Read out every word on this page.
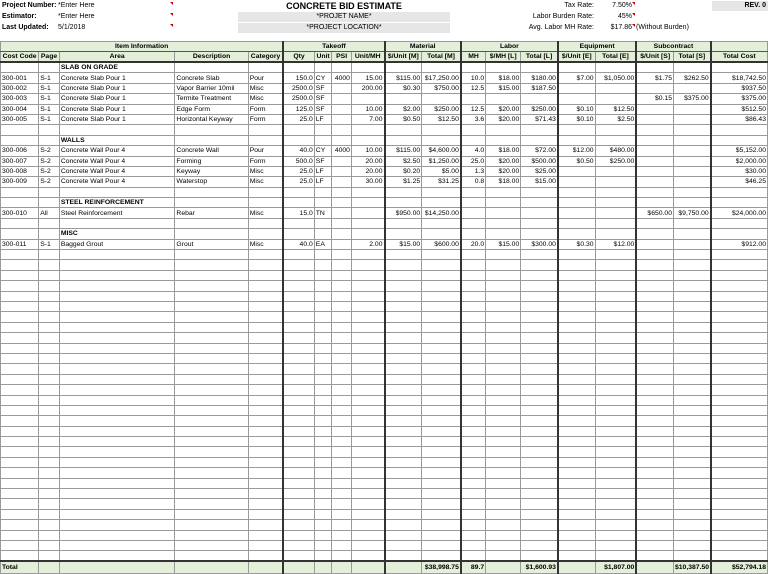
Project Number: *Enter Here
Estimator:	*Enter Here
Last Updated: 5/1/2018
CONCRETE BID ESTIMATE
*PROJET NAME*
*PROJECT LOCATION*
Tax Rate:	7.50%
Labor Burden Rate:	45%
Avg. Labor MH Rate:	$17.86 (Without Burden)
REV. 0
Item Information					Takeoff				Material		Labor			Equipment		Subcontract		
Cost Code	Page	Area	Description	Category	Qty	Unit	PSI	Unit/MH	$/Unit [M]	Total [M]	MH	$/MH [L]	Total [L]	$/Unit [E]	Total [E]	$/Unit [S]	Total [S]	Total Cost
		SLAB ON GRADE																
300-001	S-1	Concrete Slab Pour 1	Concrete Slab	Pour	150.0	CY	4000	15.00	$115.00	$17,250.00	10.0	$18.00	$180.00	$7.00	$1,050.00	$1.75	$262.50	$18,742.50
300-002	S-1	Concrete Slab Pour 1	Vapor Barrier 10mil	Misc	2500.0	SF		200.00	$0.30	$750.00	12.5	$15.00	$187.50					$937.50
300-003	S-1	Concrete Slab Pour 1	Termite Treatment	Misc	2500.0	SF										$0.15	$375.00	$375.00
300-004	S-1	Concrete Slab Pour 1	Edge Form	Form	125.0	SF		10.00	$2.00	$250.00	12.5	$20.00	$250.00	$0.10	$12.50			$512.50
300-005	S-1	Concrete Slab Pour 1	Horizontal Keyway	Form	25.0	LF		7.00	$0.50	$12.50	3.6	$20.00	$71.43	$0.10	$2.50			$86.43

		WALLS																
300-006	S-2	Concrete Wall Pour 4	Concrete Wall	Pour	40.0	CY	4000	10.00	$115.00	$4,600.00	4.0	$18.00	$72.00	$12.00	$480.00			$5,152.00
300-007	S-2	Concrete Wall Pour 4	Forming	Form	500.0	SF		20.00	$2.50	$1,250.00	25.0	$20.00	$500.00	$0.50	$250.00			$2,000.00
300-008	S-2	Concrete Wall Pour 4	Keyway	Misc	25.0	LF		20.00	$0.20	$5.00	1.3	$20.00	$25.00					$30.00
300-009	S-2	Concrete Wall Pour 4	Waterstop	Misc	25.0	LF		30.00	$1.25	$31.25	0.8	$18.00	$15.00					$46.25

		STEEL REINFORCEMENT																
300-010	All	Steel Reinforcement	Rebar	Misc	15.0	TN			$950.00	$14,250.00						$650.00	$9,750.00	$24,000.00

		MISC																
300-011	S-1	Bagged Grout	Grout	Misc	40.0	EA		2.00	$15.00	$600.00	20.0	$15.00	$300.00	$0.30	$12.00			$912.00

Total										$38,998.75	89.7		$1,600.93		$1,807.00		$10,387.50	$52,794.18
